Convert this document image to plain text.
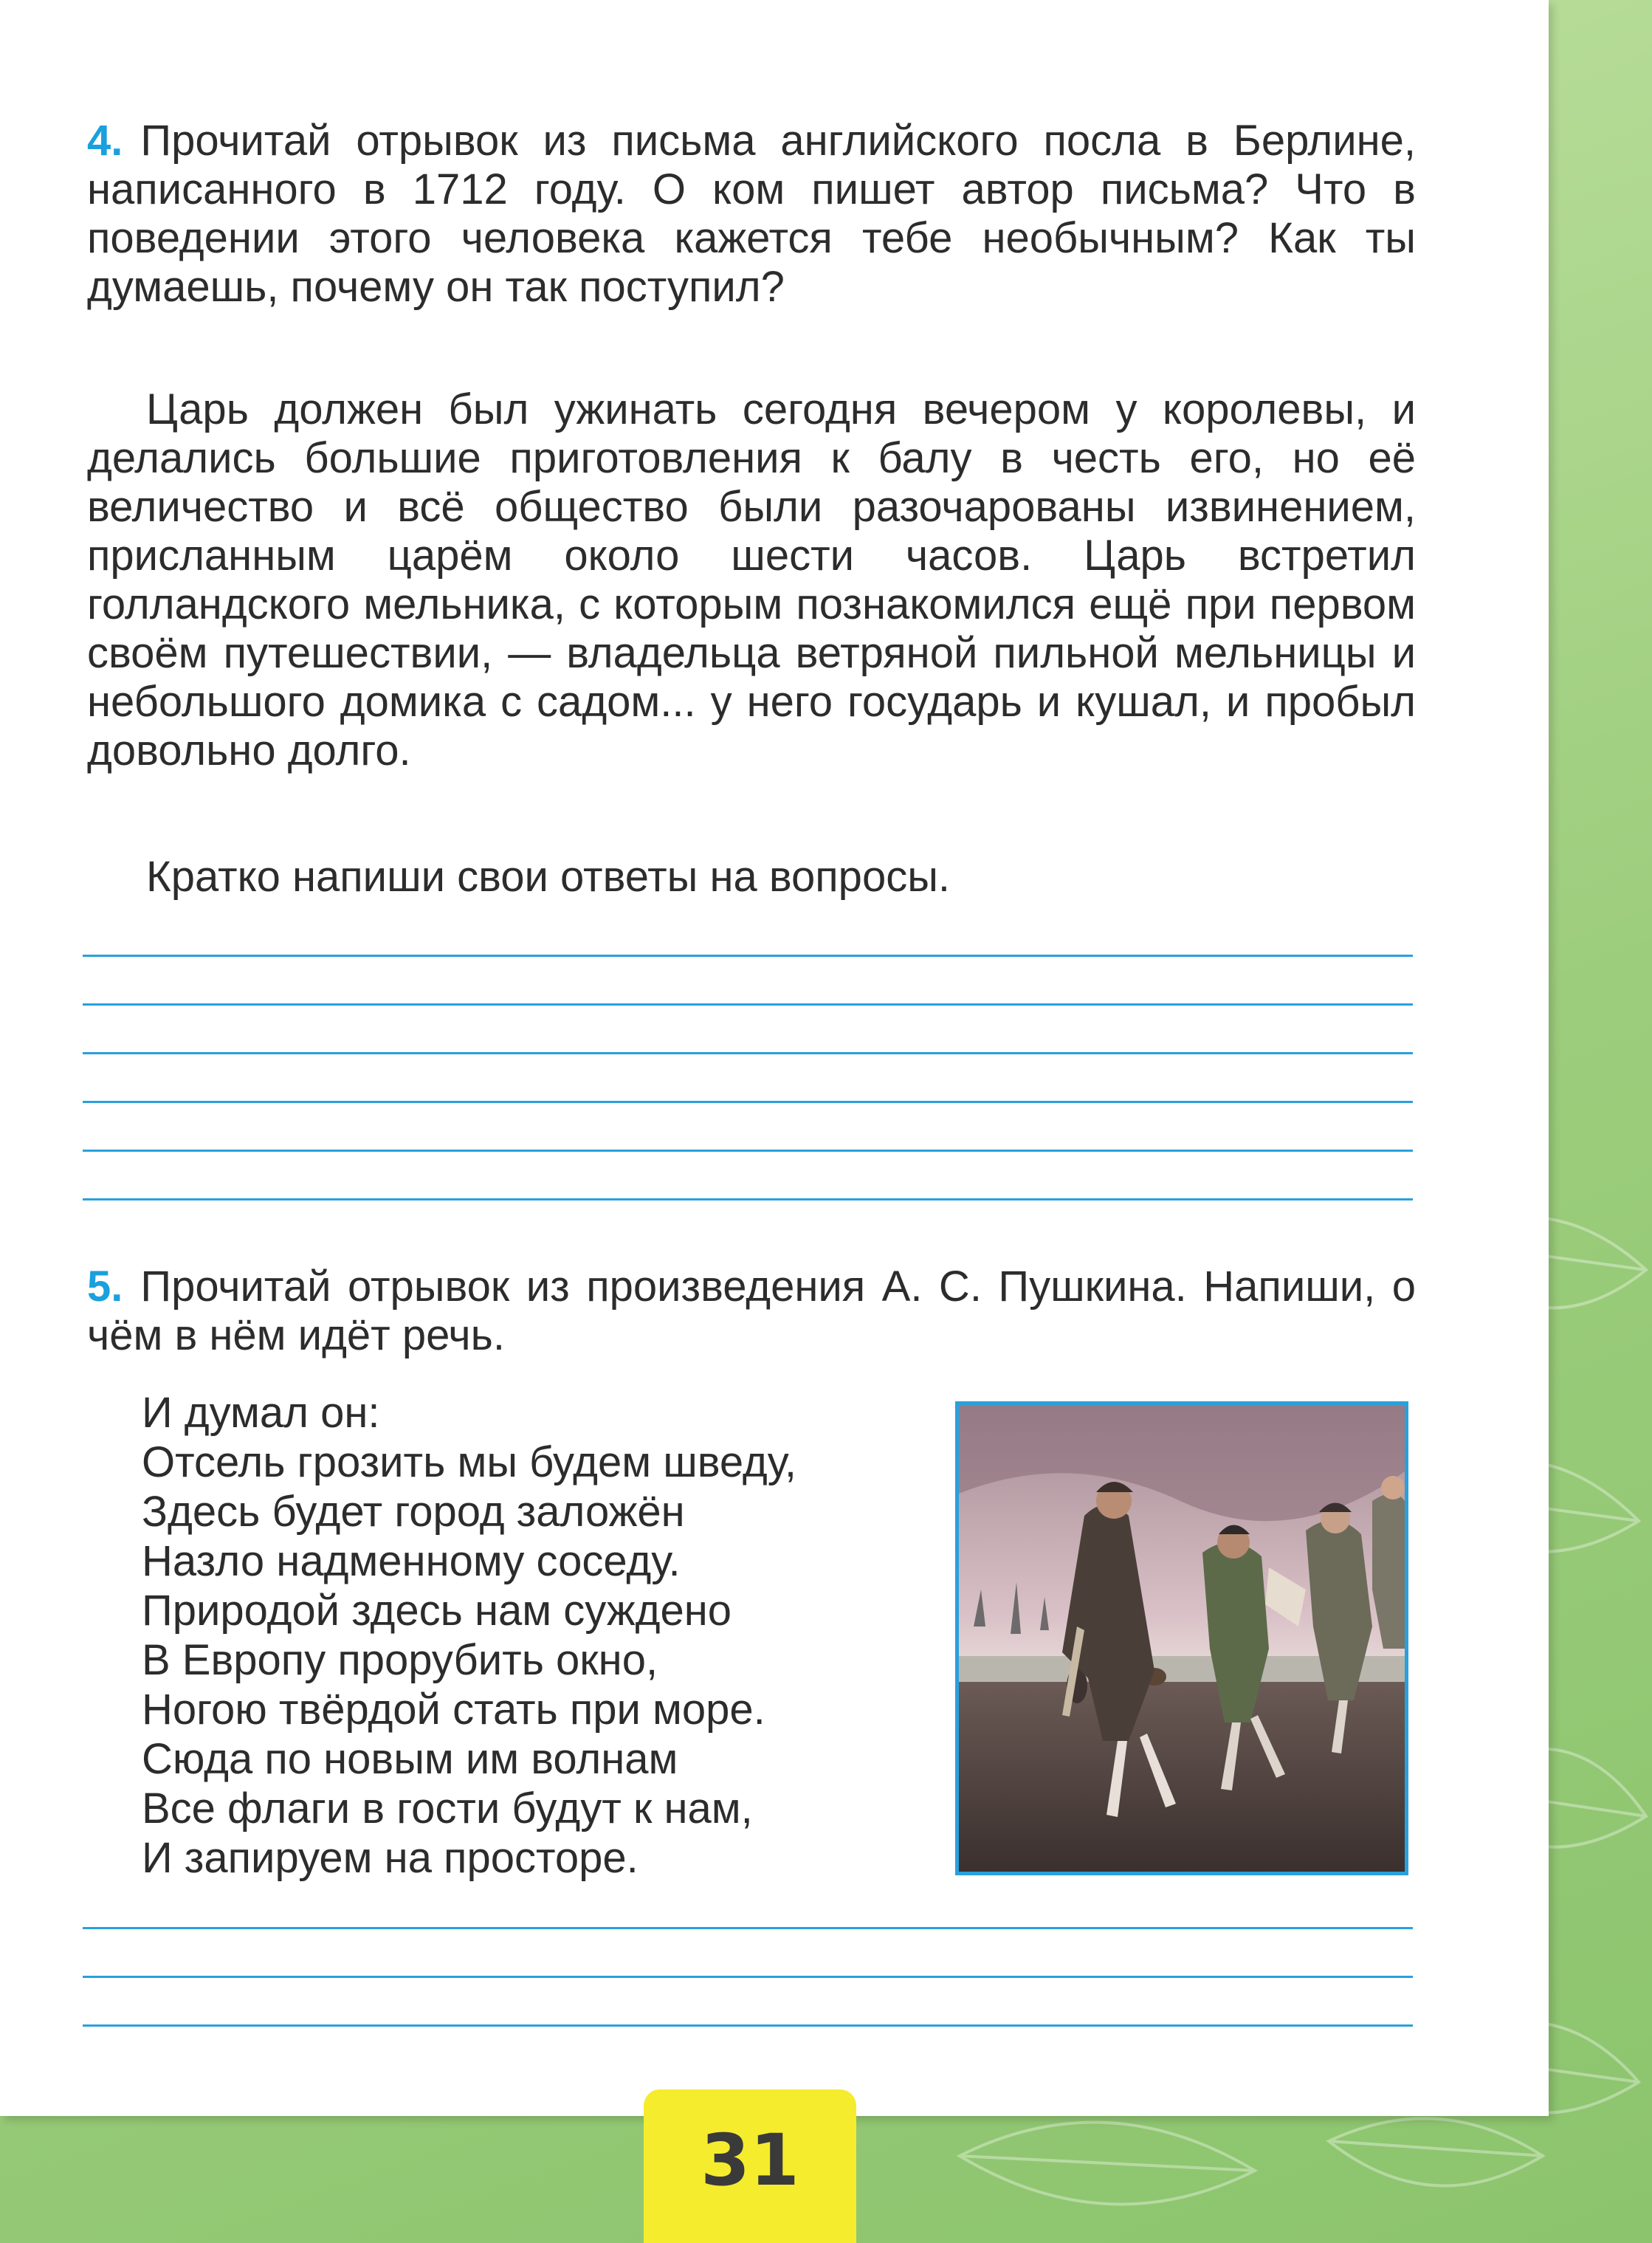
4. Прочитай отрывок из письма английского посла в Берлине, написанного в 1712 году. О ком пишет автор письма? Что в поведении этого человека кажется тебе необычным? Как ты думаешь, почему он так поступил?
Царь должен был ужинать сегодня вечером у королевы, и делались большие приготовления к балу в честь его, но её величество и всё общество были разочарованы извинением, присланным царём около шести часов. Царь встретил голландского мельника, с которым познакомился ещё при первом своём путешествии, — владельца ветряной пильной мельницы и небольшого домика с садом... у него государь и кушал, и пробыл довольно долго.
Кратко напиши свои ответы на вопросы.
5. Прочитай отрывок из произведения А. С. Пушкина. Напиши, о чём в нём идёт речь.
И думал он:
Отсель грозить мы будем шведу,
Здесь будет город заложён
Назло надменному соседу.
Природой здесь нам суждено
В Европу прорубить окно,
Ногою твёрдой стать при море.
Сюда по новым им волнам
Все флаги в гости будут к нам,
И запируем на просторе.
31
